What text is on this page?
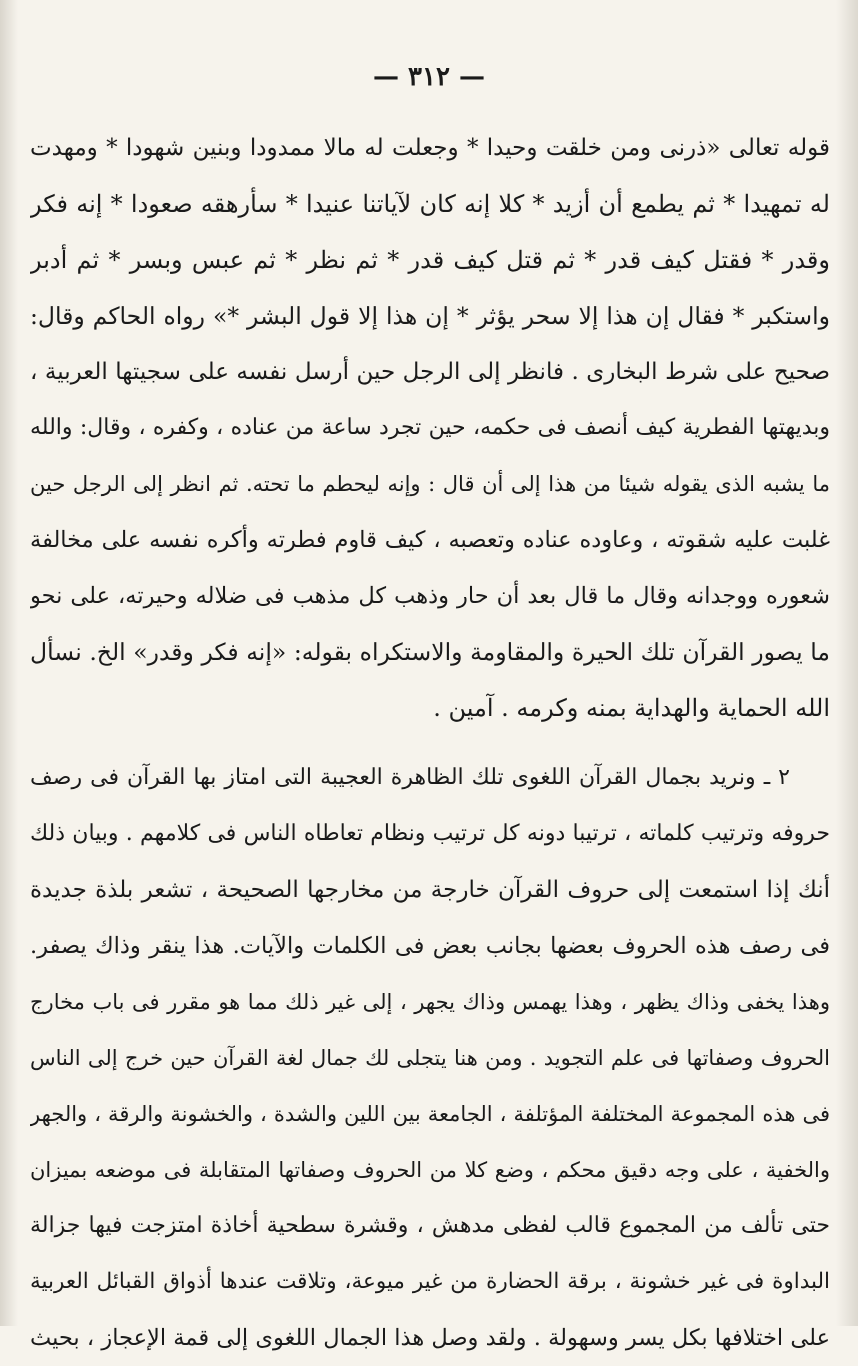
— ٣١٢ —
قوله تعالى «ذرنى ومن خلقت وحيدا * وجعلت له مالا ممدودا وبنين شهودا * ومهدت
له تمهيدا * ثم يطمع أن أزيد * كلا إنه كان لآياتنا عنيدا * سأرهقه صعودا * إنه فكر
وقدر * فقتل كيف قدر * ثم قتل كيف قدر * ثم نظر * ثم عبس وبسر * ثم أدبر
واستكبر * فقال إن هذا إلا سحر يؤثر * إن هذا إلا قول البشر *» رواه الحاكم وقال:
صحيح على شرط البخارى . فانظر إلى الرجل حين أرسل نفسه على سجيتها العربية ،
وبديهتها الفطرية كيف أنصف فى حكمه، حين تجرد ساعة من عناده ، وكفره ، وقال: والله
ما يشبه الذى يقوله شيئا من هذا إلى أن قال : وإنه ليحطم ما تحته. ثم انظر إلى الرجل حين
غلبت عليه شقوته ، وعاوده عناده وتعصبه ، كيف قاوم فطرته وأكره نفسه على مخالفة
شعوره ووجدانه وقال ما قال بعد أن حار وذهب كل مذهب فى ضلاله وحيرته، على نحو
ما يصور القرآن تلك الحيرة والمقاومة والاستكراه بقوله: «إنه فكر وقدر» الخ. نسأل
الله الحماية والهداية بمنه وكرمه . آمين .
٢ ـ ونريد بجمال القرآن اللغوى تلك الظاهرة العجيبة التى امتاز بها القرآن فى رصف
حروفه وترتيب كلماته ، ترتيبا دونه كل ترتيب ونظام تعاطاه الناس فى كلامهم . وبيان ذلك
أنك إذا استمعت إلى حروف القرآن خارجة من مخارجها الصحيحة ، تشعر بلذة جديدة
فى رصف هذه الحروف بعضها بجانب بعض فى الكلمات والآيات. هذا ينقر وذاك يصفر.
وهذا يخفى وذاك يظهر ، وهذا يهمس وذاك يجهر ، إلى غير ذلك مما هو مقرر فى باب مخارج
الحروف وصفاتها فى علم التجويد . ومن هنا يتجلى لك جمال لغة القرآن حين خرج إلى الناس
فى هذه المجموعة المختلفة المؤتلفة ، الجامعة بين اللين والشدة ، والخشونة والرقة ، والجهر
والخفية ، على وجه دقيق محكم ، وضع كلا من الحروف وصفاتها المتقابلة فى موضعه بميزان
حتى تألف من المجموع قالب لفظى مدهش ، وقشرة سطحية أخاذة امتزجت فيها جزالة
البداوة فى غير خشونة ، برقة الحضارة من غير ميوعة، وتلاقت عندها أذواق القبائل العربية
على اختلافها بكل يسر وسهولة . ولقد وصل هذا الجمال اللغوى إلى قمة الإعجاز ، بحيث
